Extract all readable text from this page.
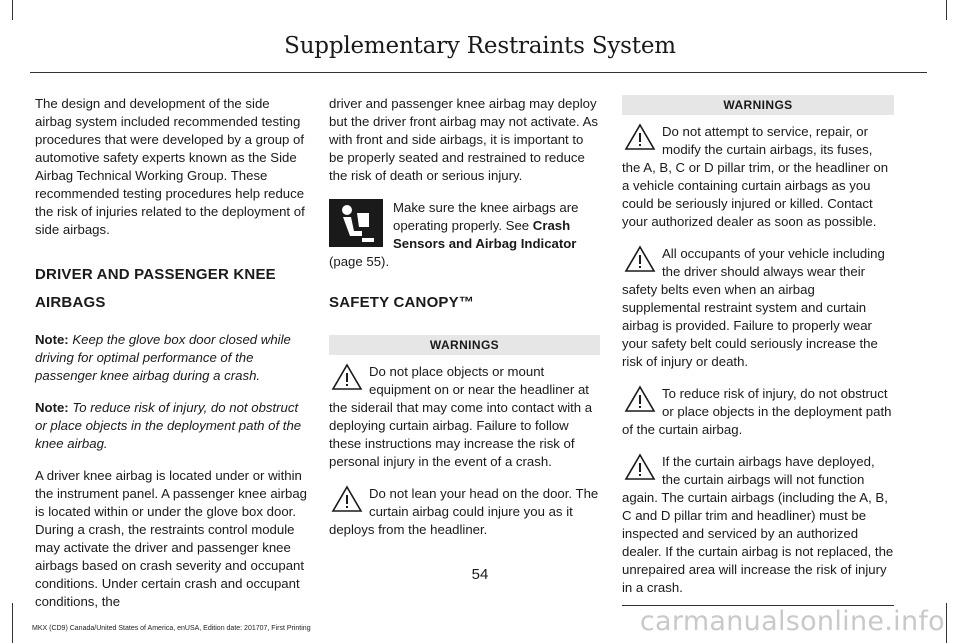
Supplementary Restraints System

The design and development of the side airbag system included recommended testing procedures that were developed by a group of automotive safety experts known as the Side Airbag Technical Working Group. These recommended testing procedures help reduce the risk of injuries related to the deployment of side airbags.

DRIVER AND PASSENGER KNEE AIRBAGS

Note: Keep the glove box door closed while driving for optimal performance of the passenger knee airbag during a crash.

Note: To reduce risk of injury, do not obstruct or place objects in the deployment path of the knee airbag.

A driver knee airbag is located under or within the instrument panel. A passenger knee airbag is located within or under the glove box door. During a crash, the restraints control module may activate the driver and passenger knee airbags based on crash severity and occupant conditions. Under certain crash and occupant conditions, the

driver and passenger knee airbag may deploy but the driver front airbag may not activate. As with front and side airbags, it is important to be properly seated and restrained to reduce the risk of death or serious injury.

Make sure the knee airbags are operating properly. See Crash Sensors and Airbag Indicator (page 55).
SAFETY CANOPY™
WARNINGS

Do not place objects or mount equipment on or near the headliner at the siderail that may come into contact with a deploying curtain airbag. Failure to follow these instructions may increase the risk of personal injury in the event of a crash.

Do not lean your head on the door. The curtain airbag could injure you as it deploys from the headliner.

WARNINGS

Do not attempt to service, repair, or modify the curtain airbags, its fuses, the A, B, C or D pillar trim, or the headliner on a vehicle containing curtain airbags as you could be seriously injured or killed. Contact your authorized dealer as soon as possible.

All occupants of your vehicle including the driver should always wear their safety belts even when an airbag supplemental restraint system and curtain airbag is provided. Failure to properly wear your safety belt could seriously increase the risk of injury or death.

To reduce risk of injury, do not obstruct or place objects in the deployment path of the curtain airbag.

If the curtain airbags have deployed, the curtain airbags will not function again. The curtain airbags (including the A, B, C and D pillar trim and headliner) must be inspected and serviced by an authorized dealer. If the curtain airbag is not replaced, the unrepaired area will increase the risk of injury in a crash.

54
MKX (CD9) Canada/United States of America, enUSA, Edition date: 201707, First Printing	carmanualsonline.info
